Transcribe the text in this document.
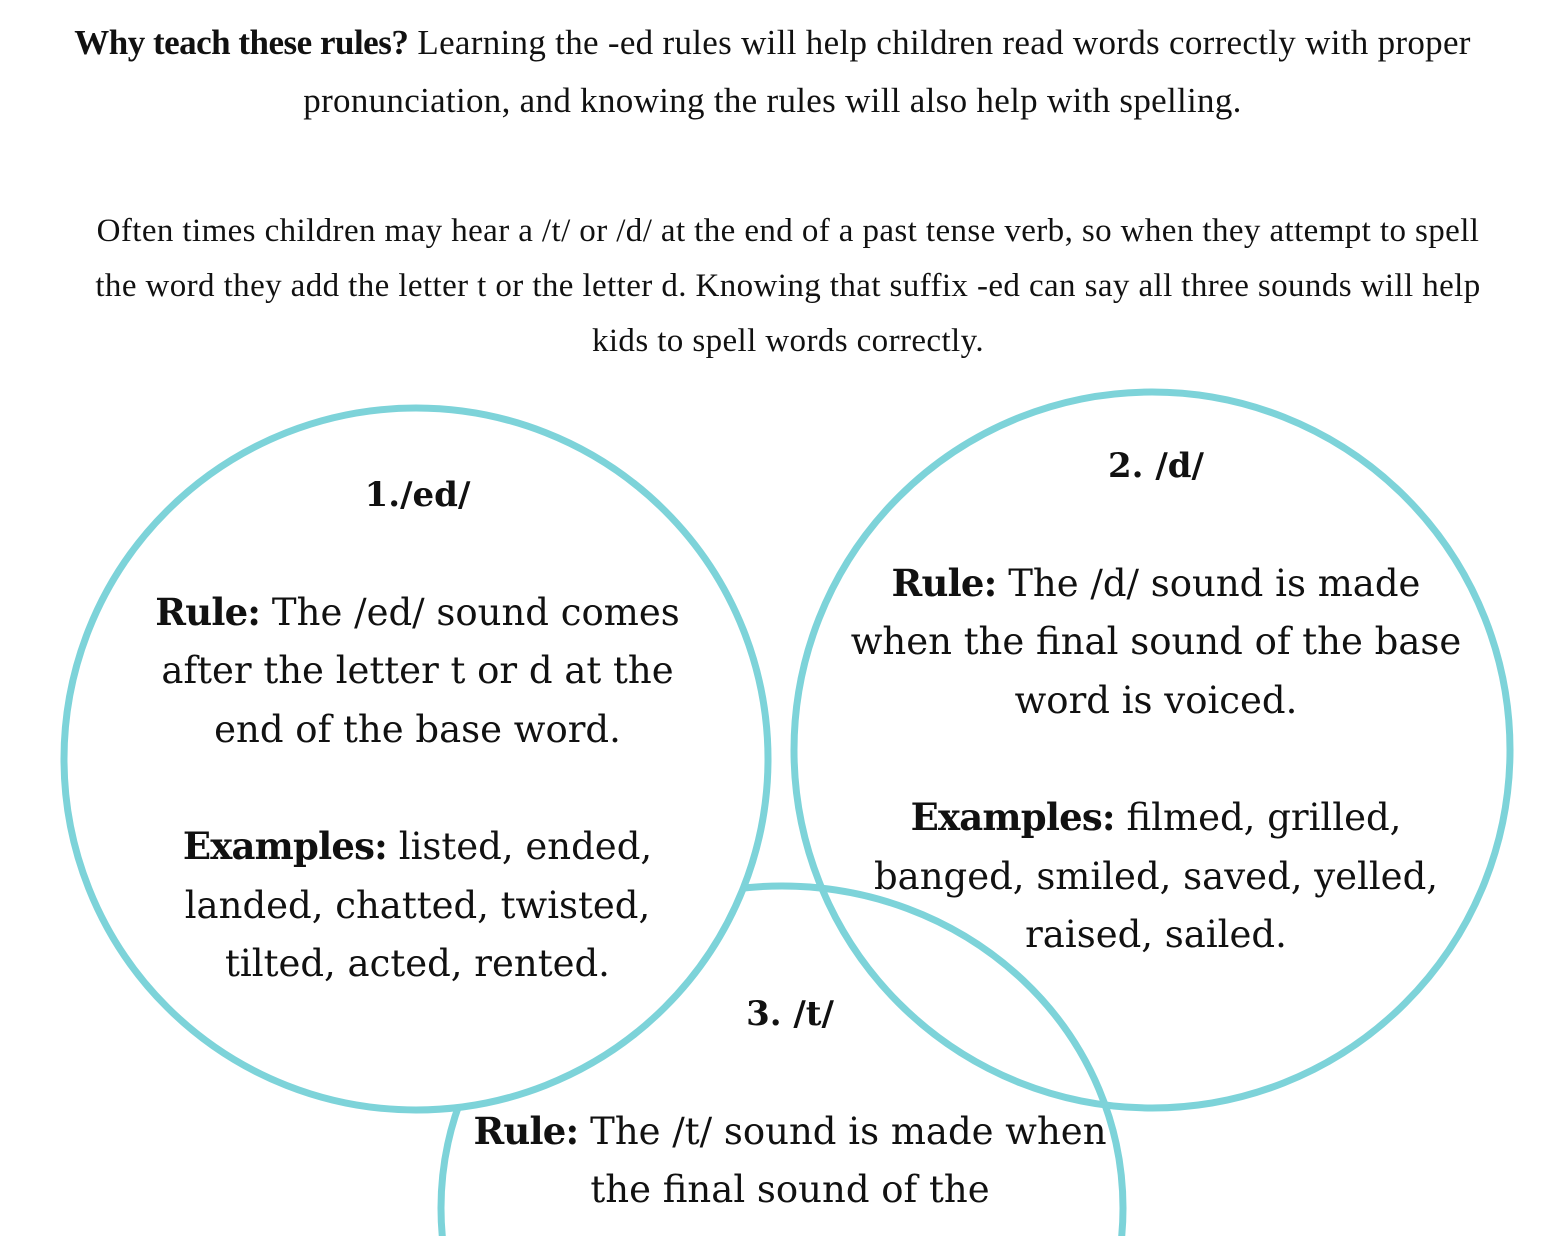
Why teach these rules? Learning the -ed rules will help children read words correctly with proper pronunciation, and knowing the rules will also help with spelling.

Often times children may hear a /t/ or /d/ at the end of a past tense verb, so when they attempt to spell the word they add the letter t or the letter d. Knowing that suffix -ed can say all three sounds will help kids to spell words correctly.

1./ed/
Rule: The /ed/ sound comes after the letter t or d at the end of the base word.
Examples: listed, ended, landed, chatted, twisted, tilted, acted, rented.
2. /d/
Rule: The /d/ sound is made when the final sound of the base word is voiced.
Examples: filmed, grilled, banged, smiled, saved, yelled, raised, sailed.
3. /t/
Rule: The /t/ sound is made when the final sound of the
